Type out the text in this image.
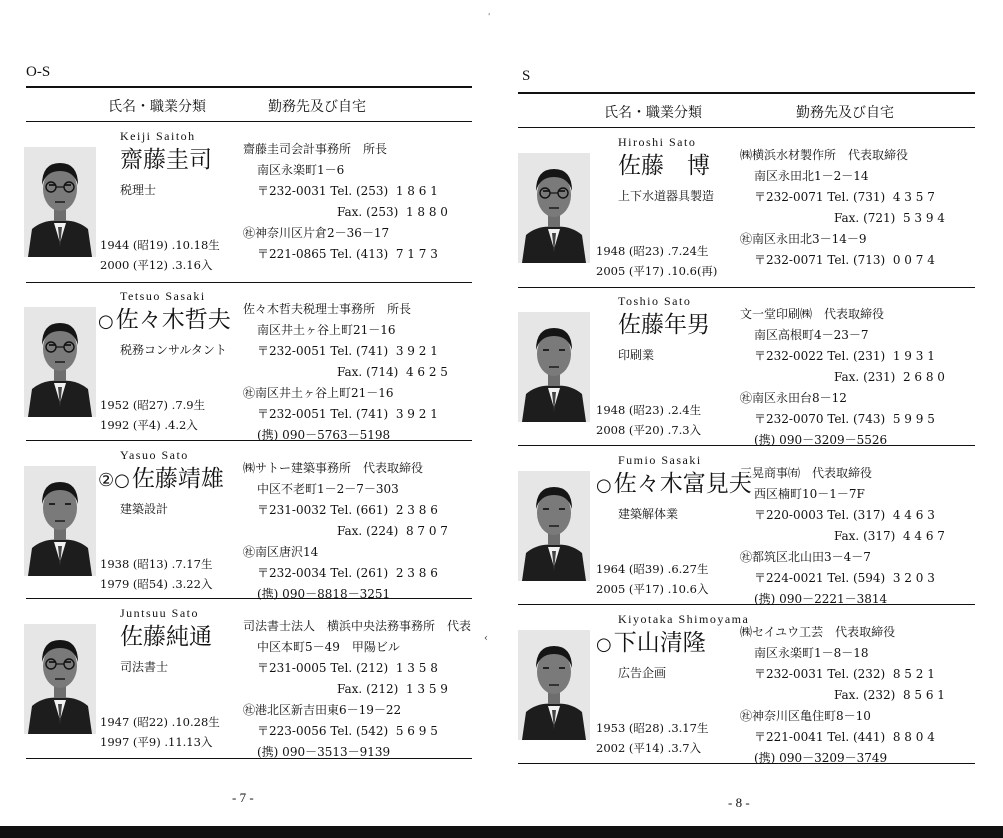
'
O-S
氏名・職業分類	勤務先及び自宅
- 7 -
Keiji Saitoh
齋藤圭司
税理士
1944 (昭19) .10.18生
2000 (平12) .3.16入
齋藤圭司会計事務所　所長
南区永楽町1－6
〒232-0031 Tel. (253)  1 8 6 1
Fax. (253)  1 8 8 0
㊓神奈川区片倉2－36－17
〒221-0865 Tel. (413)  7 1 7 3
Tetsuo Sasaki
○佐々木哲夫
税務コンサルタント
1952 (昭27) .7.9生
1992 (平4) .4.2入
佐々木哲夫税理士事務所　所長
南区井土ヶ谷上町21－16
〒232-0051 Tel. (741)  3 9 2 1
Fax. (714)  4 6 2 5
㊓南区井土ヶ谷上町21－16
〒232-0051 Tel. (741)  3 9 2 1
(携) 090－5763－5198
Yasuo Sato
②○佐藤靖雄
建築設計
1938 (昭13) .7.17生
1979 (昭54) .3.22入
㈱サトー建築事務所　代表取締役
中区不老町1－2－7－303
〒231-0032 Tel. (661)  2 3 8 6
Fax. (224)  8 7 0 7
㊓南区唐沢14
〒232-0034 Tel. (261)  2 3 8 6
(携) 090－8818－3251
Juntsuu Sato
佐藤純通
司法書士
1947 (昭22) .10.28生
1997 (平9) .11.13入
司法書士法人　横浜中央法務事務所　代表
中区本町5－49　甲陽ビル
〒231-0005 Tel. (212)  1 3 5 8
Fax. (212)  1 3 5 9
㊓港北区新吉田東6－19－22
〒223-0056 Tel. (542)  5 6 9 5
(携) 090－3513－9139
S
氏名・職業分類	勤務先及び自宅
- 8 -
Hiroshi Sato
佐藤　博
上下水道器具製造
1948 (昭23) .7.24生
2005 (平17) .10.6(再)
㈱横浜水材製作所　代表取締役
南区永田北1－2－14
〒232-0071 Tel. (731)  4 3 5 7
Fax. (721)  5 3 9 4
㊓南区永田北3－14－9
〒232-0071 Tel. (713)  0 0 7 4
Toshio Sato
佐藤年男
印刷業
1948 (昭23) .2.4生
2008 (平20) .7.3入
文一堂印刷㈱　代表取締役
南区高根町4－23－7
〒232-0022 Tel. (231)  1 9 3 1
Fax. (231)  2 6 8 0
㊓南区永田台8－12
〒232-0070 Tel. (743)  5 9 9 5
(携) 090－3209－5526
Fumio Sasaki
○佐々木富見夫
建築解体業
1964 (昭39) .6.27生
2005 (平17) .10.6入
三晃商事㈲　代表取締役
西区楠町10－1－7F
〒220-0003 Tel. (317)  4 4 6 3
Fax. (317)  4 4 6 7
㊓都筑区北山田3－4－7
〒224-0021 Tel. (594)  3 2 0 3
(携) 090－2221－3814
Kiyotaka Shimoyama
○下山清隆
広告企画
1953 (昭28) .3.17生
2002 (平14) .3.7入
㈱セイユウ工芸　代表取締役
南区永楽町1－8－18
〒232-0031 Tel. (232)  8 5 2 1
Fax. (232)  8 5 6 1
㊓神奈川区亀住町8－10
〒221-0041 Tel. (441)  8 8 0 4
(携) 090－3209－3749
‹
